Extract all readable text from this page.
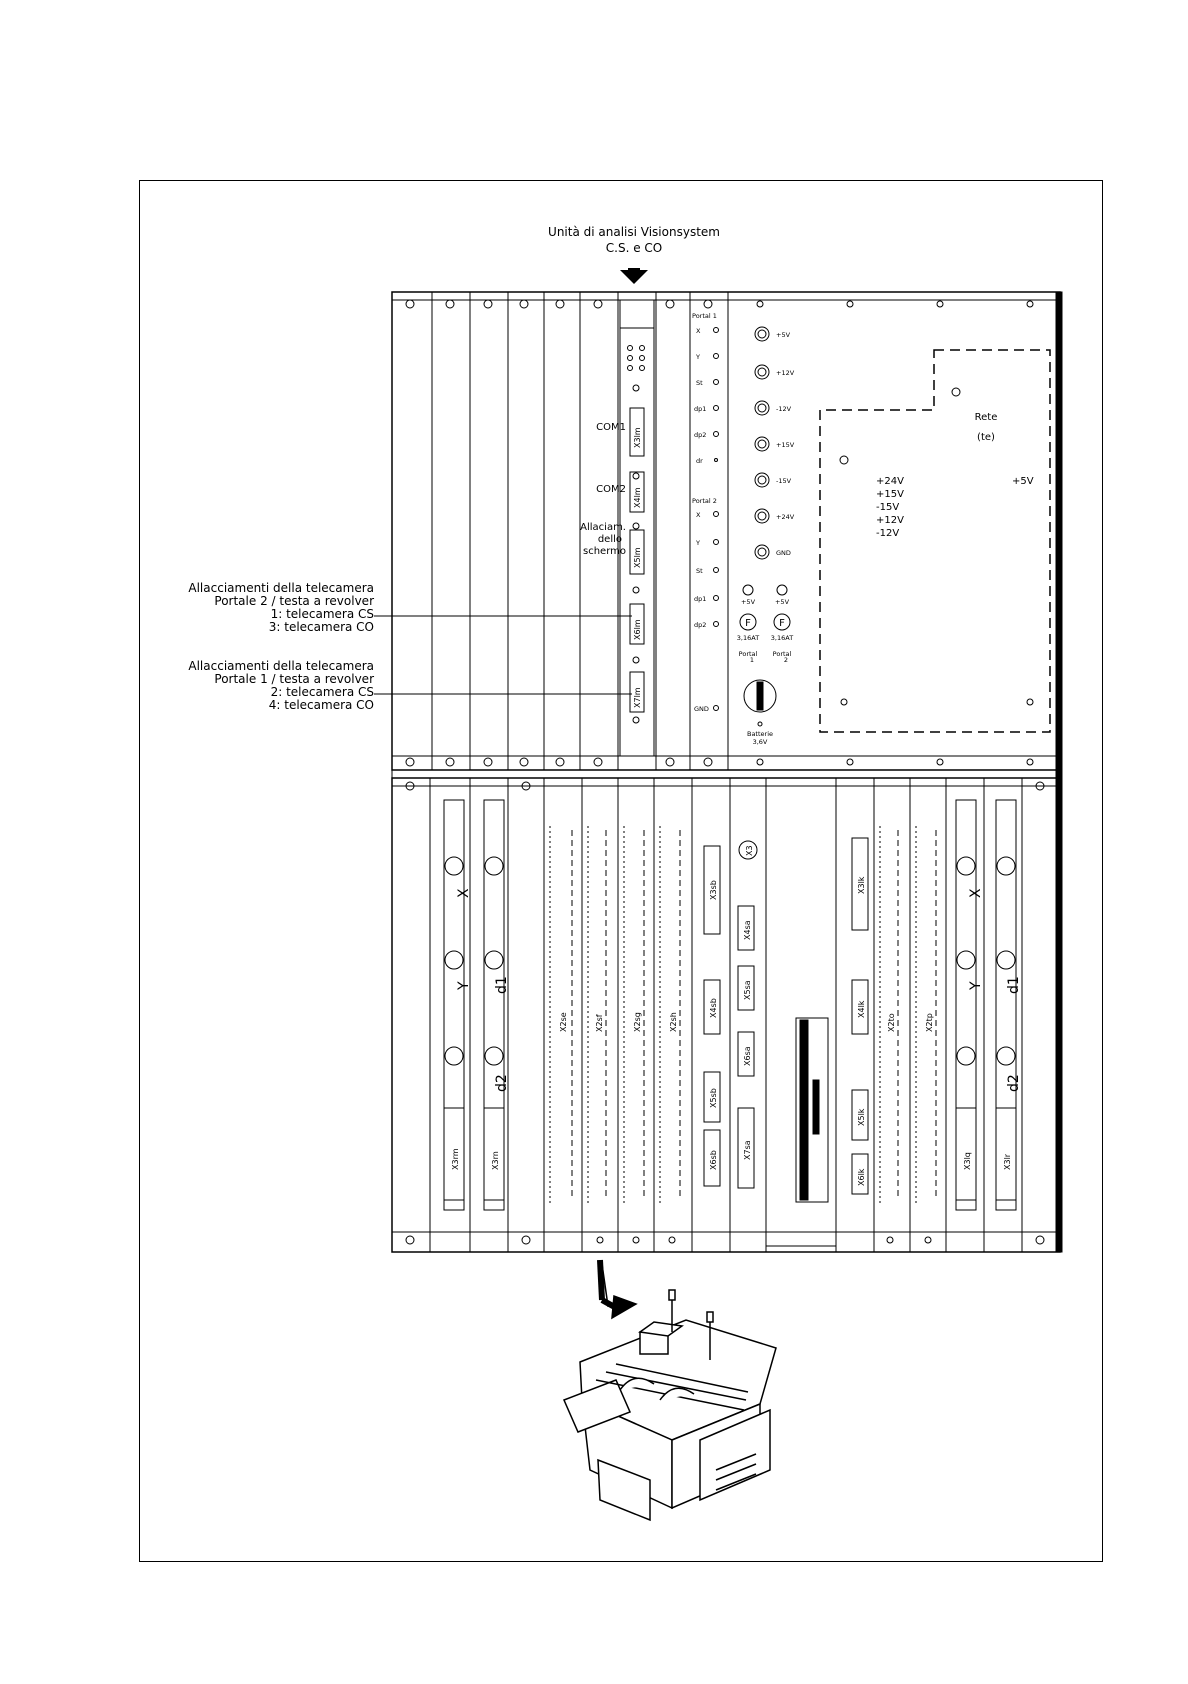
Unità di analisi Visionsystem
C.S. e CO
Allacciamenti della telecamera
Portale 2 / testa a revolver
1: telecamera CS
3: telecamera CO
Allacciamenti della telecamera
Portale 1 / testa a revolver
2: telecamera CS
4: telecamera CO
COM1
COM2
Allaciam.
dello
schermo
X3lm
X4lm
X5lm
X6lm
X7lm
Portal 1
X
Y
St
dp1
dp2
dr
Portal 2
X
Y
St
dp1
dp2
GND
+5V
+12V
-12V
+15V
-15V
+24V
GND
+5V	+5V
F	F
3,16AT 3,16AT
Portal
1
Portal
2
Batterie
3,6V
Rete
(te)
+24V
+15V
-15V
+12V
-12V
+5V
X
Y
d2
d1
X
Y d1
d2
X3rm	X3rn
X2se	X2sf	X2sg	X2sh
X3
X3sb
X4sb
X5sb
X6sb
X4sa
X5sa
X6sa
X7sa
X3lk
X4lk
X5lk
X6lk
X2to	X2tp
X3lq	X3lr
